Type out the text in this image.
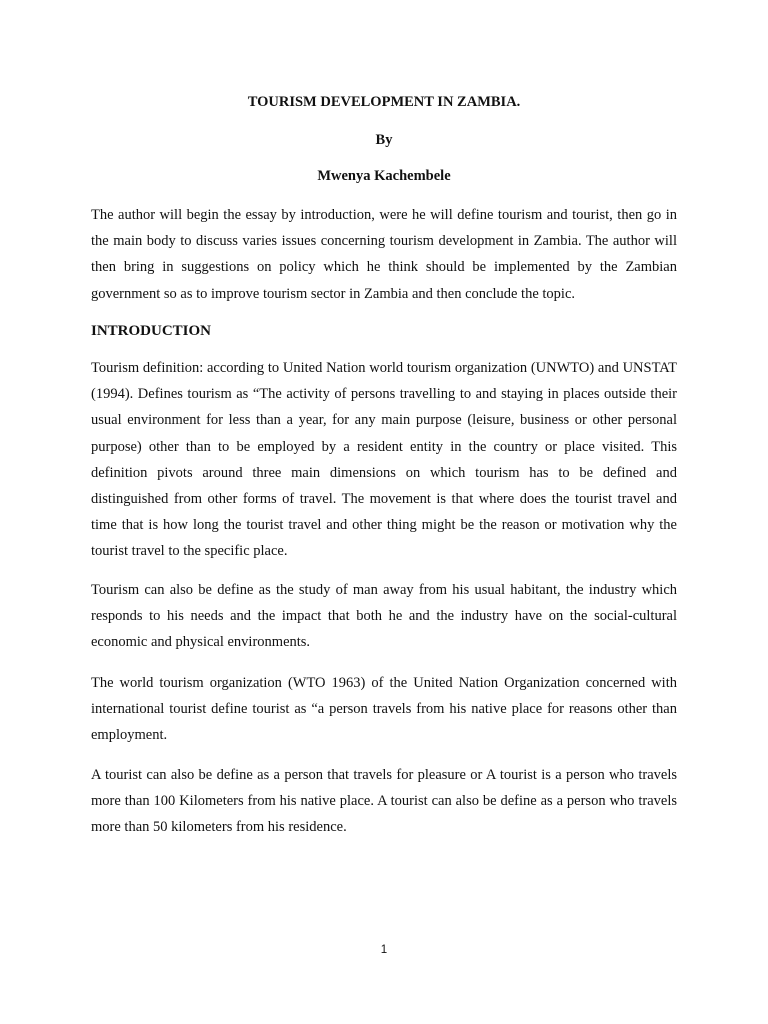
TOURISM DEVELOPMENT IN ZAMBIA.
By
Mwenya Kachembele

The author will begin the essay by introduction, were he will define tourism and tourist, then go in the main body to discuss varies issues concerning tourism development in Zambia. The author will then bring in suggestions on policy which he think should be implemented by the Zambian government so as to improve tourism sector in Zambia and then conclude the topic.

INTRODUCTION

Tourism definition: according to United Nation world tourism organization (UNWTO) and UNSTAT (1994). Defines tourism as “The activity of persons travelling to and staying in places outside their usual environment for less than a year, for any main purpose (leisure, business or other personal purpose) other than to be employed by a resident entity in the country or place visited. This definition pivots around three main dimensions on which tourism has to be defined and distinguished from other forms of travel. The movement is that where does the tourist travel and time that is how long the tourist travel and other thing might be the reason or motivation why the tourist travel to the specific place.

Tourism can also be define as the study of man away from his usual habitant, the industry which responds to his needs and the impact that both he and the industry have on the social-cultural economic and physical environments.

The world tourism organization (WTO 1963) of the United Nation Organization concerned with international tourist define tourist as “a person travels from his native place for reasons other than employment.

A tourist can also be define as a person that travels for pleasure or A tourist is a person who travels more than 100 Kilometers from his native place. A tourist can also be define as a person who travels more than 50 kilometers from his residence.

1
